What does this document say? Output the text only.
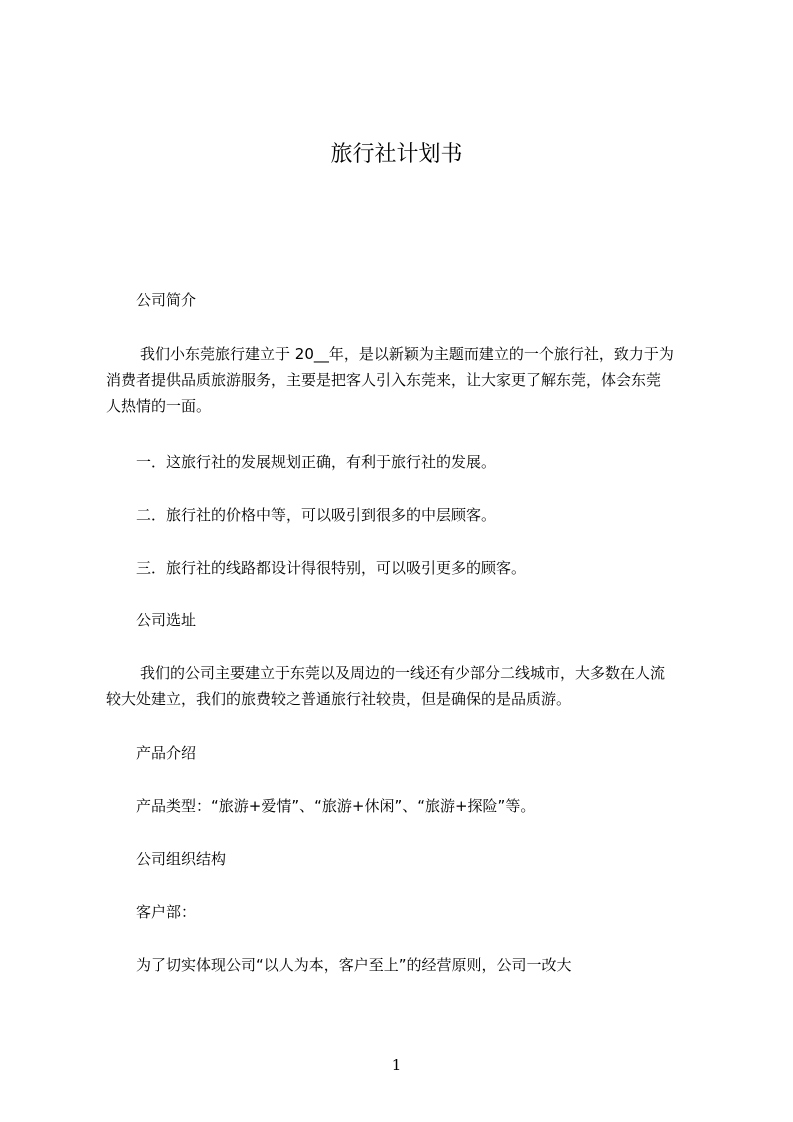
旅行社计划书

公司简介

我们小东莞旅行建立于 20__年，是以新颖为主题而建立的一个旅行社，致力于为
消费者提供品质旅游服务，主要是把客人引入东莞来，让大家更了解东莞，体会东莞
人热情的一面。

一．这旅行社的发展规划正确，有利于旅行社的发展。

二．旅行社的价格中等，可以吸引到很多的中层顾客。

三．旅行社的线路都设计得很特别，可以吸引更多的顾客。

公司选址

我们的公司主要建立于东莞以及周边的一线还有少部分二线城市，大多数在人流
较大处建立，我们的旅费较之普通旅行社较贵，但是确保的是品质游。

产品介绍

产品类型：“旅游+爱情”、“旅游+休闲”、“旅游+探险”等。

公司组织结构

客户部：

为了切实体现公司“以人为本，客户至上”的经营原则，公司一改大

1
